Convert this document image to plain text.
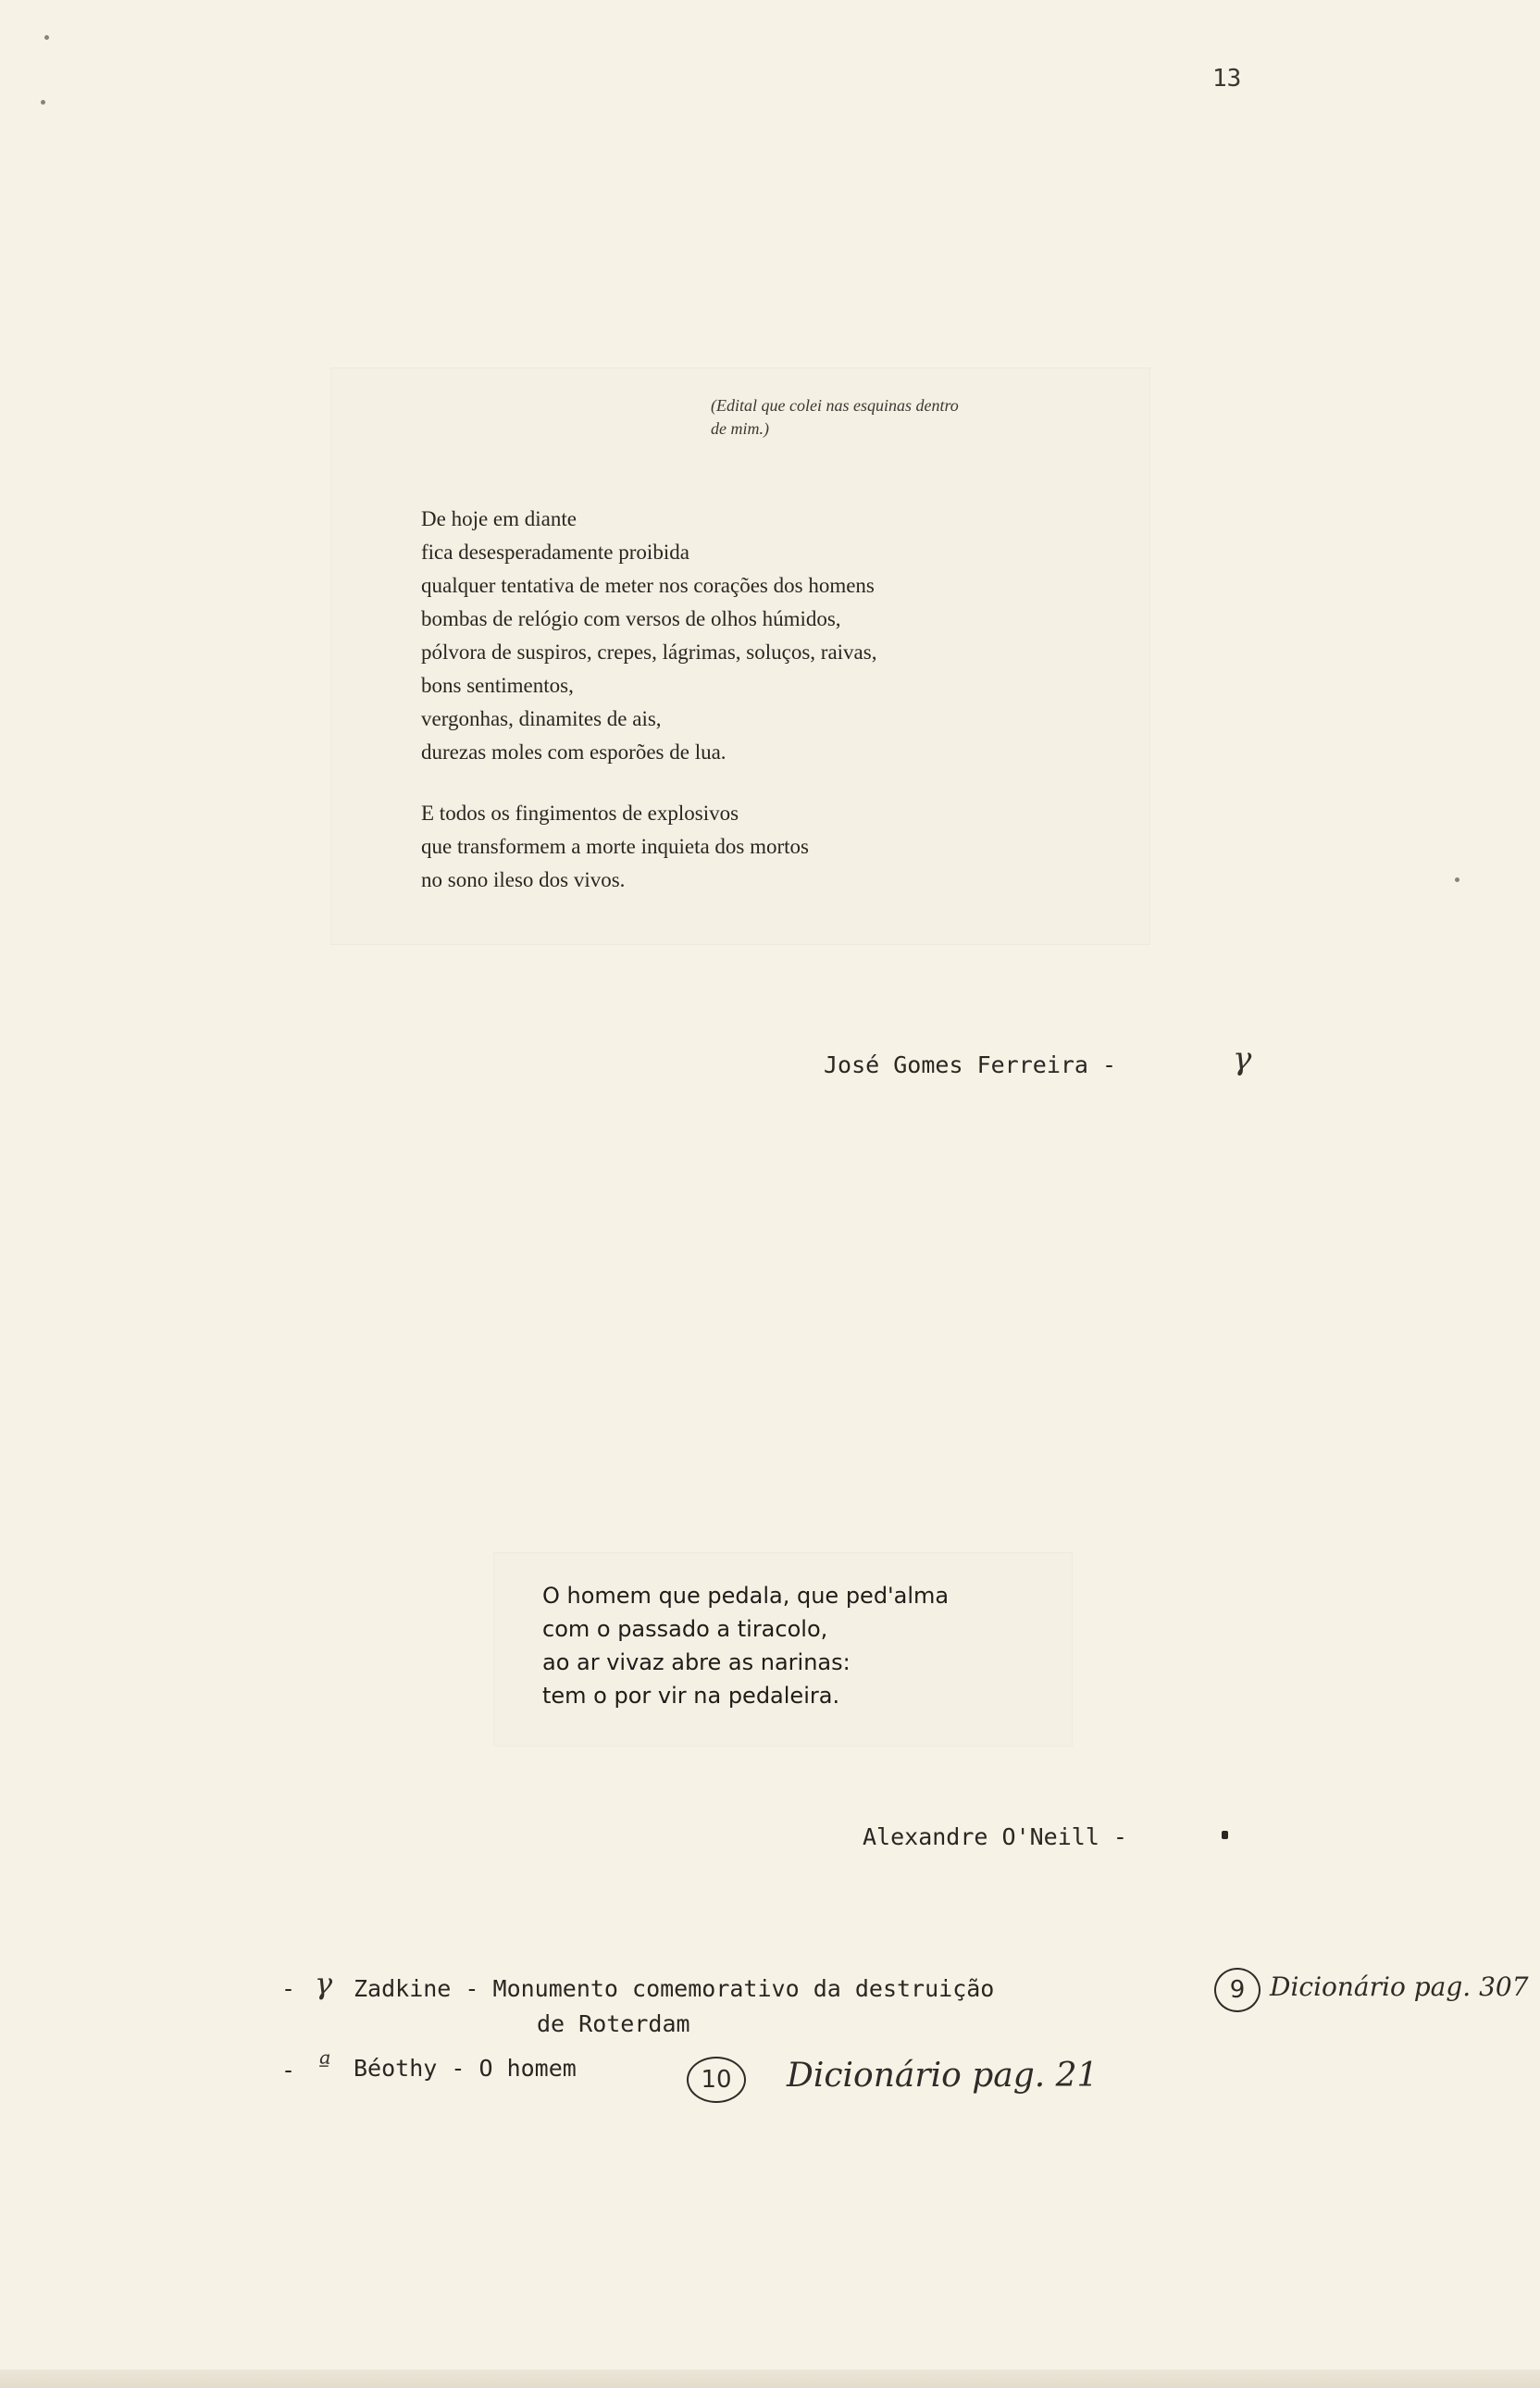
13
(Edital que colei nas esquinas dentro
de mim.)
De hoje em diante
fica desesperadamente proibida
qualquer tentativa de meter nos corações dos homens
bombas de relógio com versos de olhos húmidos,
pólvora de suspiros, crepes, lágrimas, soluços, raivas,
bons sentimentos,
vergonhas, dinamites de ais,
durezas moles com esporões de lua.
E todos os fingimentos de explosivos
que transformem a morte inquieta dos mortos
no sono ileso dos vivos.
José Gomes Ferreira -	γ
O homem que pedala, que ped'alma
com o passado a tiracolo,
ao ar vivaz abre as narinas:
tem o por vir na pedaleira.
Alexandre O'Neill -
- γ Zadkine - Monumento comemorativo da destruição
de Roterdam
9 Dicionário pag. 307
- ª Béothy - O homem	10	Dicionário pag. 21
